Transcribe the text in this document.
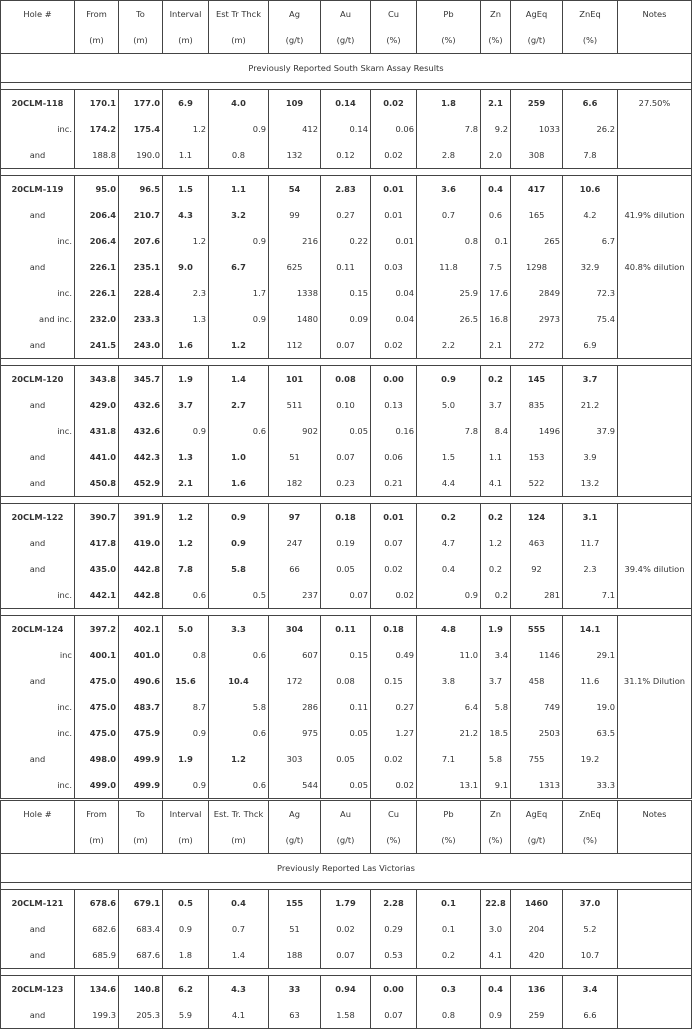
Hole #	From	To	Interval	Est Tr Thck	Ag	Au	Cu	Pb	Zn	AgEq	ZnEq	Notes
	(m)	(m)	(m)	(m)	(g/t)	(g/t)	(%)	(%)	(%)	(g/t)	(%)	
Previously Reported South Skarn Assay Results												

20CLM-118	170.1	177.0	6.9	4.0	109	0.14	0.02	1.8	2.1	259	6.6	27.50%
inc.	174.2	175.4	1.2	0.9	412	0.14	0.06	7.8	9.2	1033	26.2	
and	188.8	190.0	1.1	0.8	132	0.12	0.02	2.8	2.0	308	7.8	

20CLM-119	95.0	96.5	1.5	1.1	54	2.83	0.01	3.6	0.4	417	10.6	
and	206.4	210.7	4.3	3.2	99	0.27	0.01	0.7	0.6	165	4.2	41.9% dilution
inc.	206.4	207.6	1.2	0.9	216	0.22	0.01	0.8	0.1	265	6.7	
and	226.1	235.1	9.0	6.7	625	0.11	0.03	11.8	7.5	1298	32.9	40.8% dilution
inc.	226.1	228.4	2.3	1.7	1338	0.15	0.04	25.9	17.6	2849	72.3	
and inc.	232.0	233.3	1.3	0.9	1480	0.09	0.04	26.5	16.8	2973	75.4	
and	241.5	243.0	1.6	1.2	112	0.07	0.02	2.2	2.1	272	6.9	

20CLM-120	343.8	345.7	1.9	1.4	101	0.08	0.00	0.9	0.2	145	3.7	
and	429.0	432.6	3.7	2.7	511	0.10	0.13	5.0	3.7	835	21.2	
inc.	431.8	432.6	0.9	0.6	902	0.05	0.16	7.8	8.4	1496	37.9	
and	441.0	442.3	1.3	1.0	51	0.07	0.06	1.5	1.1	153	3.9	
and	450.8	452.9	2.1	1.6	182	0.23	0.21	4.4	4.1	522	13.2	

20CLM-122	390.7	391.9	1.2	0.9	97	0.18	0.01	0.2	0.2	124	3.1	
and	417.8	419.0	1.2	0.9	247	0.19	0.07	4.7	1.2	463	11.7	
and	435.0	442.8	7.8	5.8	66	0.05	0.02	0.4	0.2	92	2.3	39.4% dilution
inc.	442.1	442.8	0.6	0.5	237	0.07	0.02	0.9	0.2	281	7.1	

20CLM-124	397.2	402.1	5.0	3.3	304	0.11	0.18	4.8	1.9	555	14.1	
inc	400.1	401.0	0.8	0.6	607	0.15	0.49	11.0	3.4	1146	29.1	
and	475.0	490.6	15.6	10.4	172	0.08	0.15	3.8	3.7	458	11.6	31.1% Dilution
inc.	475.0	483.7	8.7	5.8	286	0.11	0.27	6.4	5.8	749	19.0	
inc.	475.0	475.9	0.9	0.6	975	0.05	1.27	21.2	18.5	2503	63.5	
and	498.0	499.9	1.9	1.2	303	0.05	0.02	7.1	5.8	755	19.2	
inc.	499.0	499.9	0.9	0.6	544	0.05	0.02	13.1	9.1	1313	33.3	
Hole #	From	To	Interval	Est. Tr. Thck	Ag	Au	Cu	Pb	Zn	AgEq	ZnEq	Notes
	(m)	(m)	(m)	(m)	(g/t)	(g/t)	(%)	(%)	(%)	(g/t)	(%)	
Previously Reported Las Victorias												

20CLM-121	678.6	679.1	0.5	0.4	155	1.79	2.28	0.1	22.8	1460	37.0	
and	682.6	683.4	0.9	0.7	51	0.02	0.29	0.1	3.0	204	5.2	
and	685.9	687.6	1.8	1.4	188	0.07	0.53	0.2	4.1	420	10.7	

20CLM-123	134.6	140.8	6.2	4.3	33	0.94	0.00	0.3	0.4	136	3.4	
and	199.3	205.3	5.9	4.1	63	1.58	0.07	0.8	0.9	259	6.6	
